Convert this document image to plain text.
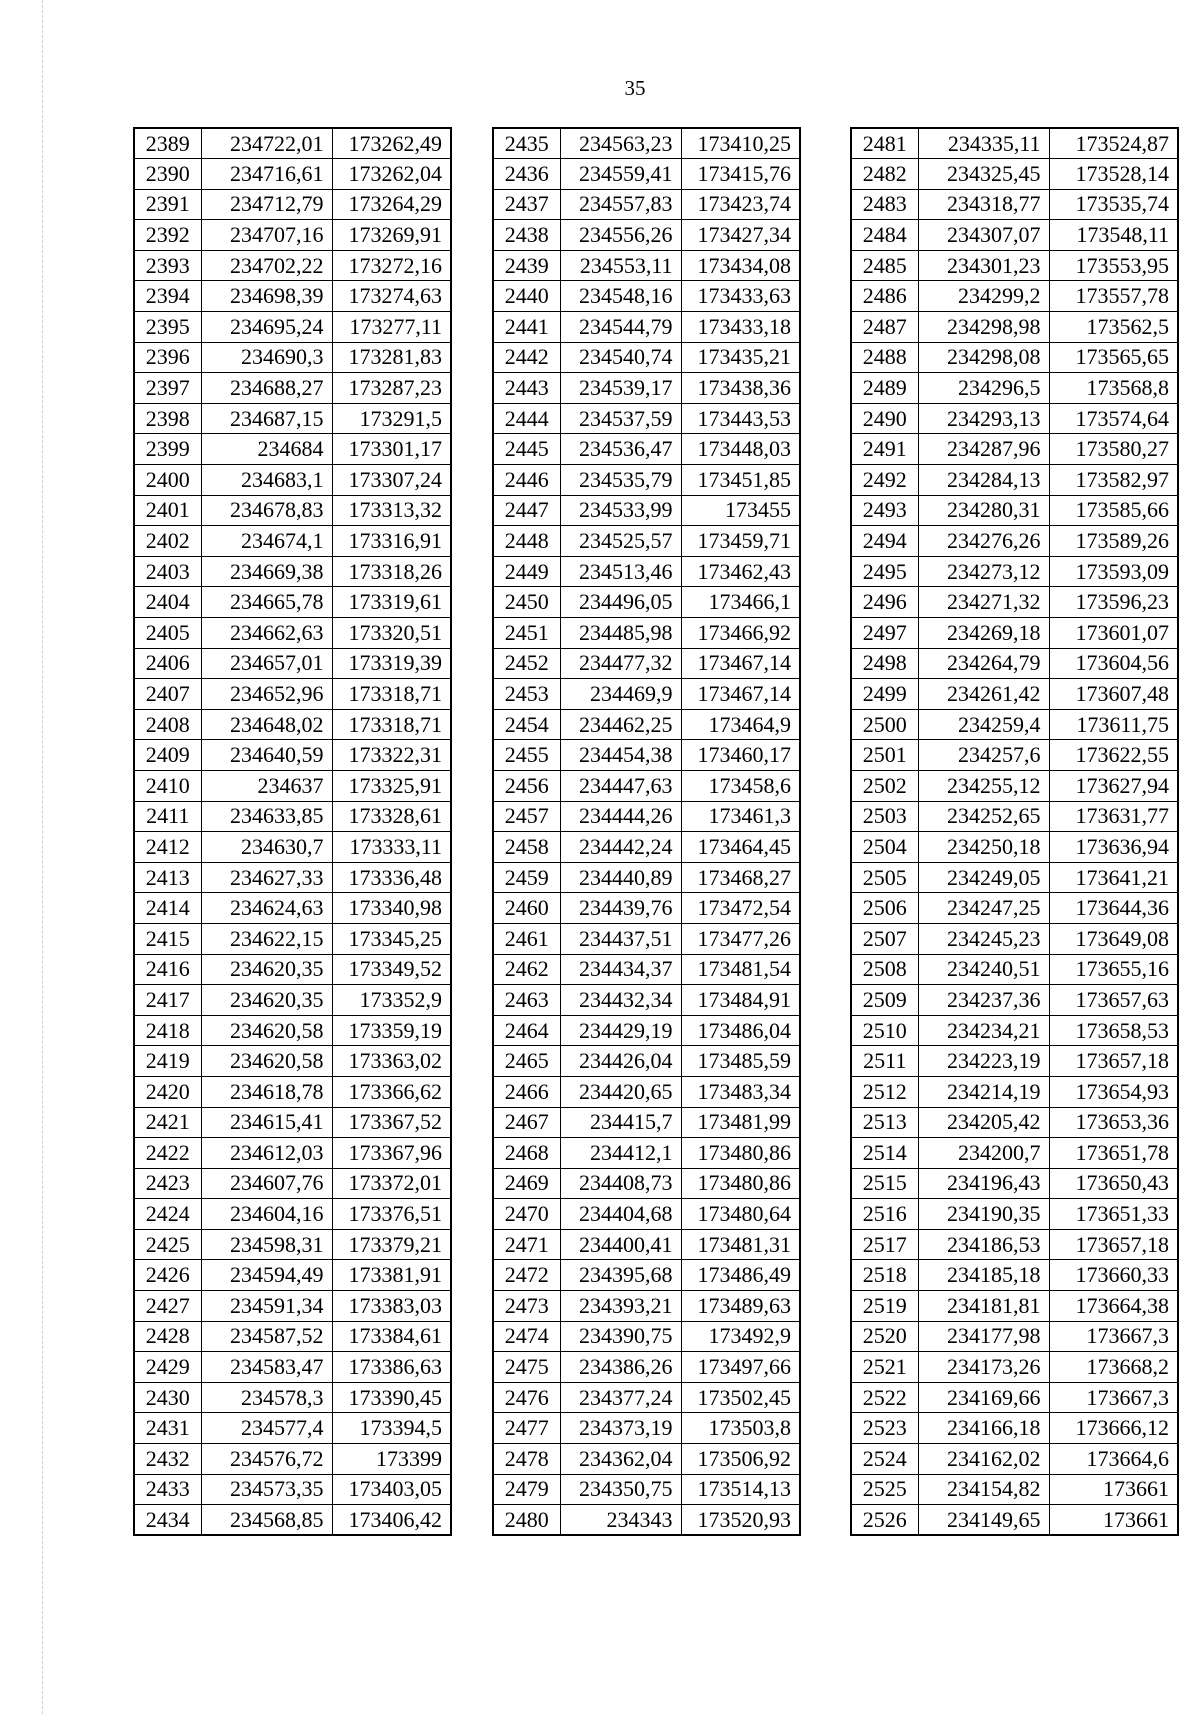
35
2389	234722,01	173262,49
2390	234716,61	173262,04
2391	234712,79	173264,29
2392	234707,16	173269,91
2393	234702,22	173272,16
2394	234698,39	173274,63
2395	234695,24	173277,11
2396	234690,3	173281,83
2397	234688,27	173287,23
2398	234687,15	173291,5
2399	234684	173301,17
2400	234683,1	173307,24
2401	234678,83	173313,32
2402	234674,1	173316,91
2403	234669,38	173318,26
2404	234665,78	173319,61
2405	234662,63	173320,51
2406	234657,01	173319,39
2407	234652,96	173318,71
2408	234648,02	173318,71
2409	234640,59	173322,31
2410	234637	173325,91
2411	234633,85	173328,61
2412	234630,7	173333,11
2413	234627,33	173336,48
2414	234624,63	173340,98
2415	234622,15	173345,25
2416	234620,35	173349,52
2417	234620,35	173352,9
2418	234620,58	173359,19
2419	234620,58	173363,02
2420	234618,78	173366,62
2421	234615,41	173367,52
2422	234612,03	173367,96
2423	234607,76	173372,01
2424	234604,16	173376,51
2425	234598,31	173379,21
2426	234594,49	173381,91
2427	234591,34	173383,03
2428	234587,52	173384,61
2429	234583,47	173386,63
2430	234578,3	173390,45
2431	234577,4	173394,5
2432	234576,72	173399
2433	234573,35	173403,05
2434	234568,85	173406,42
2435	234563,23	173410,25
2436	234559,41	173415,76
2437	234557,83	173423,74
2438	234556,26	173427,34
2439	234553,11	173434,08
2440	234548,16	173433,63
2441	234544,79	173433,18
2442	234540,74	173435,21
2443	234539,17	173438,36
2444	234537,59	173443,53
2445	234536,47	173448,03
2446	234535,79	173451,85
2447	234533,99	173455
2448	234525,57	173459,71
2449	234513,46	173462,43
2450	234496,05	173466,1
2451	234485,98	173466,92
2452	234477,32	173467,14
2453	234469,9	173467,14
2454	234462,25	173464,9
2455	234454,38	173460,17
2456	234447,63	173458,6
2457	234444,26	173461,3
2458	234442,24	173464,45
2459	234440,89	173468,27
2460	234439,76	173472,54
2461	234437,51	173477,26
2462	234434,37	173481,54
2463	234432,34	173484,91
2464	234429,19	173486,04
2465	234426,04	173485,59
2466	234420,65	173483,34
2467	234415,7	173481,99
2468	234412,1	173480,86
2469	234408,73	173480,86
2470	234404,68	173480,64
2471	234400,41	173481,31
2472	234395,68	173486,49
2473	234393,21	173489,63
2474	234390,75	173492,9
2475	234386,26	173497,66
2476	234377,24	173502,45
2477	234373,19	173503,8
2478	234362,04	173506,92
2479	234350,75	173514,13
2480	234343	173520,93
2481	234335,11	173524,87
2482	234325,45	173528,14
2483	234318,77	173535,74
2484	234307,07	173548,11
2485	234301,23	173553,95
2486	234299,2	173557,78
2487	234298,98	173562,5
2488	234298,08	173565,65
2489	234296,5	173568,8
2490	234293,13	173574,64
2491	234287,96	173580,27
2492	234284,13	173582,97
2493	234280,31	173585,66
2494	234276,26	173589,26
2495	234273,12	173593,09
2496	234271,32	173596,23
2497	234269,18	173601,07
2498	234264,79	173604,56
2499	234261,42	173607,48
2500	234259,4	173611,75
2501	234257,6	173622,55
2502	234255,12	173627,94
2503	234252,65	173631,77
2504	234250,18	173636,94
2505	234249,05	173641,21
2506	234247,25	173644,36
2507	234245,23	173649,08
2508	234240,51	173655,16
2509	234237,36	173657,63
2510	234234,21	173658,53
2511	234223,19	173657,18
2512	234214,19	173654,93
2513	234205,42	173653,36
2514	234200,7	173651,78
2515	234196,43	173650,43
2516	234190,35	173651,33
2517	234186,53	173657,18
2518	234185,18	173660,33
2519	234181,81	173664,38
2520	234177,98	173667,3
2521	234173,26	173668,2
2522	234169,66	173667,3
2523	234166,18	173666,12
2524	234162,02	173664,6
2525	234154,82	173661
2526	234149,65	173661
